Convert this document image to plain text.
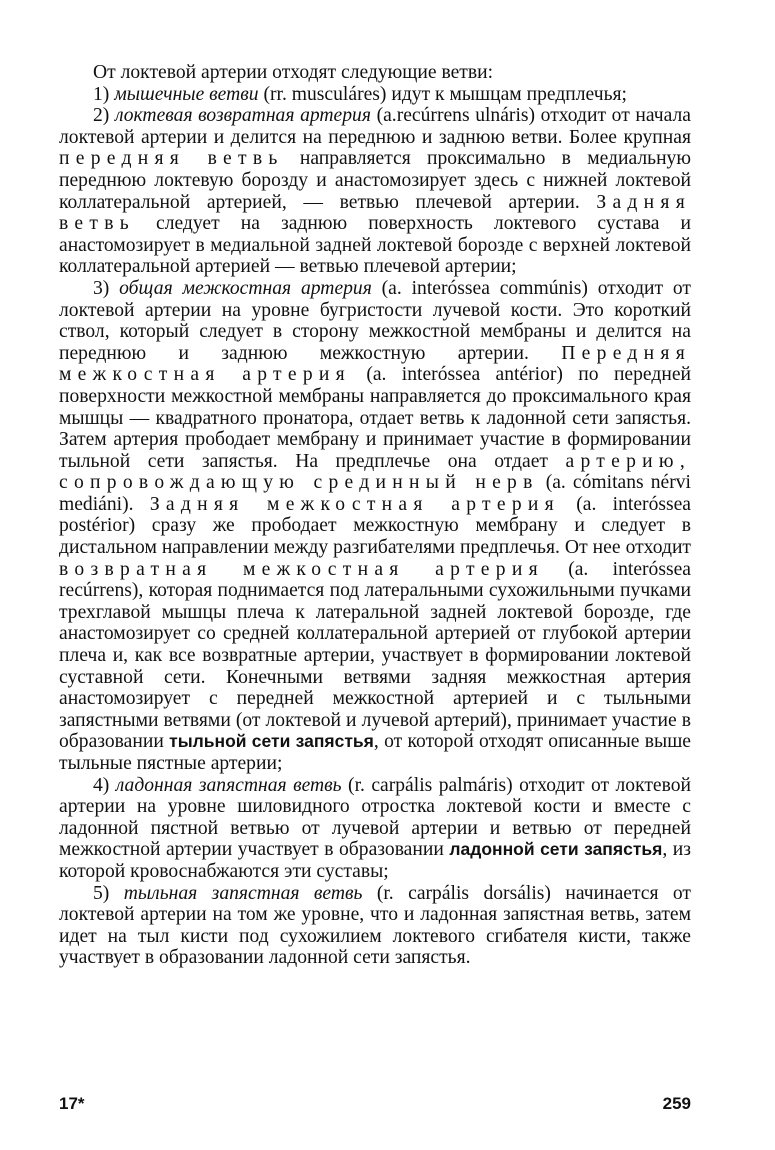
От локтевой артерии отходят следующие ветви:

1) мышечные ветви (rr. musculáres) идут к мышцам предплечья;

2) локтевая возвратная артерия (a.recúrrens ulnáris) отходит от начала локтевой артерии и делится на переднюю и заднюю ветви. Более крупная передняя ветвь направляется проксимально в медиальную переднюю локтевую борозду и анастомозирует здесь с нижней локтевой коллатеральной артерией, — ветвью плечевой артерии. Задняя ветвь следует на заднюю поверхность локтевого сустава и анастомозирует в медиальной задней локтевой борозде с верхней локтевой коллатеральной артерией — ветвью плечевой артерии;

3) общая межкостная артерия (a. interóssea commúnis) отходит от локтевой артерии на уровне бугристости лучевой кости. Это короткий ствол, который следует в сторону межкостной мембраны и делится на переднюю и заднюю межкостную артерии. Передняя межкостная артерия (a. interóssea antérior) по передней поверхности межкостной мембраны направляется до проксимального края мышцы — квадратного пронатора, отдает ветвь к ладонной сети запястья. Затем артерия прободает мембрану и принимает участие в формировании тыльной сети запястья. На предплечье она отдает артерию, сопровождающую срединный нерв (a. cómitans nérvi mediáni). Задняя межкостная артерия (a. interóssea postérior) сразу же прободает межкостную мембрану и следует в дистальном направлении между разгибателями предплечья. От нее отходит возвратная межкостная артерия (a. interóssea recúrrens), которая поднимается под латеральными сухожильными пучками трехглавой мышцы плеча к латеральной задней локтевой борозде, где анастомозирует со средней коллатеральной артерией от глубокой артерии плеча и, как все возвратные артерии, участвует в формировании локтевой суставной сети. Конечными ветвями задняя межкостная артерия анастомозирует с передней межкостной артерией и с тыльными запястными ветвями (от локтевой и лучевой артерий), принимает участие в образовании тыльной сети запястья, от которой отходят описанные выше тыльные пястные артерии;

4) ладонная запястная ветвь (r. carpális palmáris) отходит от локтевой артерии на уровне шиловидного отростка локтевой кости и вместе с ладонной пястной ветвью от лучевой артерии и ветвью от передней межкостной артерии участвует в образовании ладонной сети запястья, из которой кровоснабжаются эти суставы;

5) тыльная запястная ветвь (r. carpális dorsális) начинается от локтевой артерии на том же уровне, что и ладонная запястная ветвь, затем идет на тыл кисти под сухожилием локтевого сгибателя кисти, также участвует в образовании ладонной сети запястья.

17*	259
